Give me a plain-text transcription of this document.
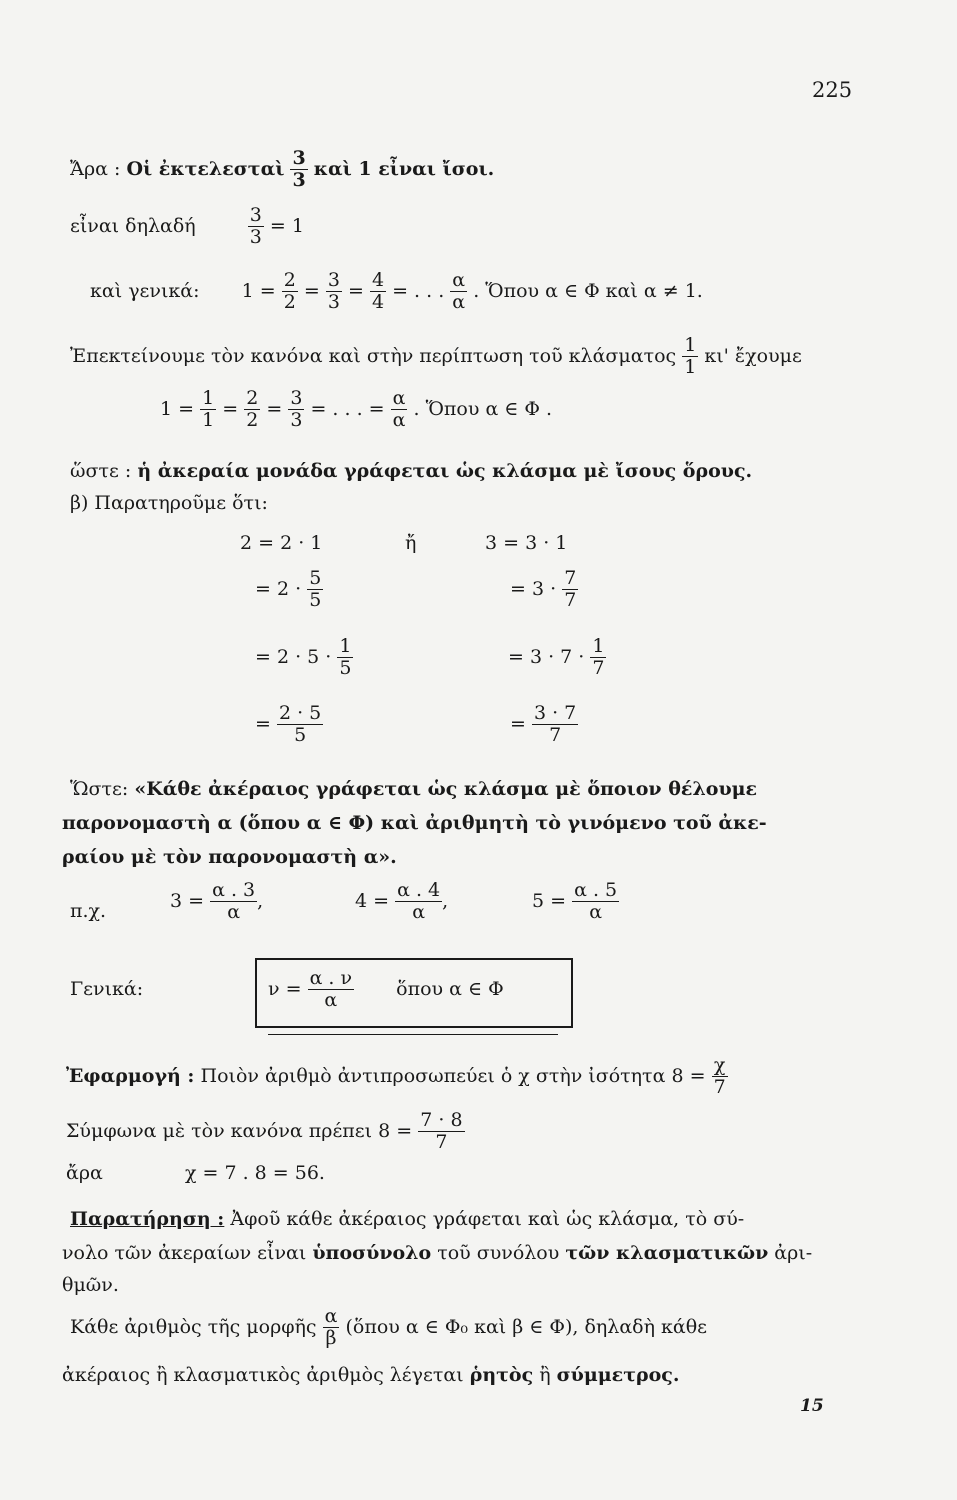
225
Ἄρα : Οἱ ἐκτελεσταὶ $\frac{3}{3}$ καὶ 1 εἶναι ἴσοι.
εἶναι δηλαδή	$\frac{3}{3} = 1$
καὶ γενικά: $1 = \frac{2}{2} = \frac{3}{3} = \frac{4}{4}$ = . . . $\frac{\alpha}{\alpha}$ . Ὅπου α ∈ Φ καὶ α ≠ 1.
Ἐπεκτείνουμε τὸν κανόνα καὶ στὴν περίπτωση τοῦ κλάσματος $\frac{1}{1} \kappa\iota'$ ἔχουμε
$1 = \frac{1}{1} = \frac{2}{2} = \frac{3}{3}$ = . . . = $\frac{\alpha}{\alpha}$ . Ὅπου α ∈ Φ .
ὥστε : ἡ ἀκεραία μονάδα γράφεται ὡς κλάσμα μὲ ἴσους ὅρους.
β) Παρατηροῦμε ὅτι:
2 = 2 · 1	ἤ	3 = 3 · 1
= $2 \cdot \frac{5}{5}$	= $3 \cdot \frac{7}{7}$
= $2 \cdot 5 \cdot \frac{1}{5}$	= $3 \cdot 7 \cdot \frac{1}{7}$
= $\frac{2 \cdot 5}{5}$	= $\frac{3 \cdot 7}{7}$
Ὥστε: «Κάθε ἀκέραιος γράφεται ὡς κλάσμα μὲ ὅποιον θέλουμε
παρονομαστὴ α (ὅπου α ∈ Φ) καὶ ἀριθμητὴ τὸ γινόμενο τοῦ ἀκε-
ραίου μὲ τὸν παρονομαστὴ α».
π.χ.	$3 = \frac{\alpha . 3}{\alpha}$ ,	$4 = \frac{\alpha . 4}{\alpha}$ ,	$5 = \frac{\alpha . 5}{\alpha}$
Γενικά:	$\nu = \frac{\alpha . \nu}{\alpha}$ ὅπου α ∈ Φ
Ἐφαρμογή : Ποιὸν ἀριθμὸ ἀντιπροσωπεύει ὁ χ στὴν ἰσότητα $8 = \frac{\chi}{7}$
Σύμφωνα μὲ τὸν κανόνα πρέπει $8 = \frac{7 \cdot 8}{7}$
ἄρα	χ = 7 . 8 = 56.
Παρατήρηση : Ἀφοῦ κάθε ἀκέραιος γράφεται καὶ ὡς κλάσμα, τὸ σύ-
νολο τῶν ἀκεραίων εἶναι ὑποσύνολο τοῦ συνόλου τῶν κλασματικῶν ἀρι-
θμῶν.
Κάθε ἀριθμὸς τῆς μορφῆς $\frac{\alpha}{\beta}$ (ὅπου α ∈ Φ₀ καὶ β ∈ Φ), δηλαδὴ κάθε
ἀκέραιος ἢ κλασματικὸς ἀριθμὸς λέγεται ῥητὸς ἢ σύμμετρος.
15
